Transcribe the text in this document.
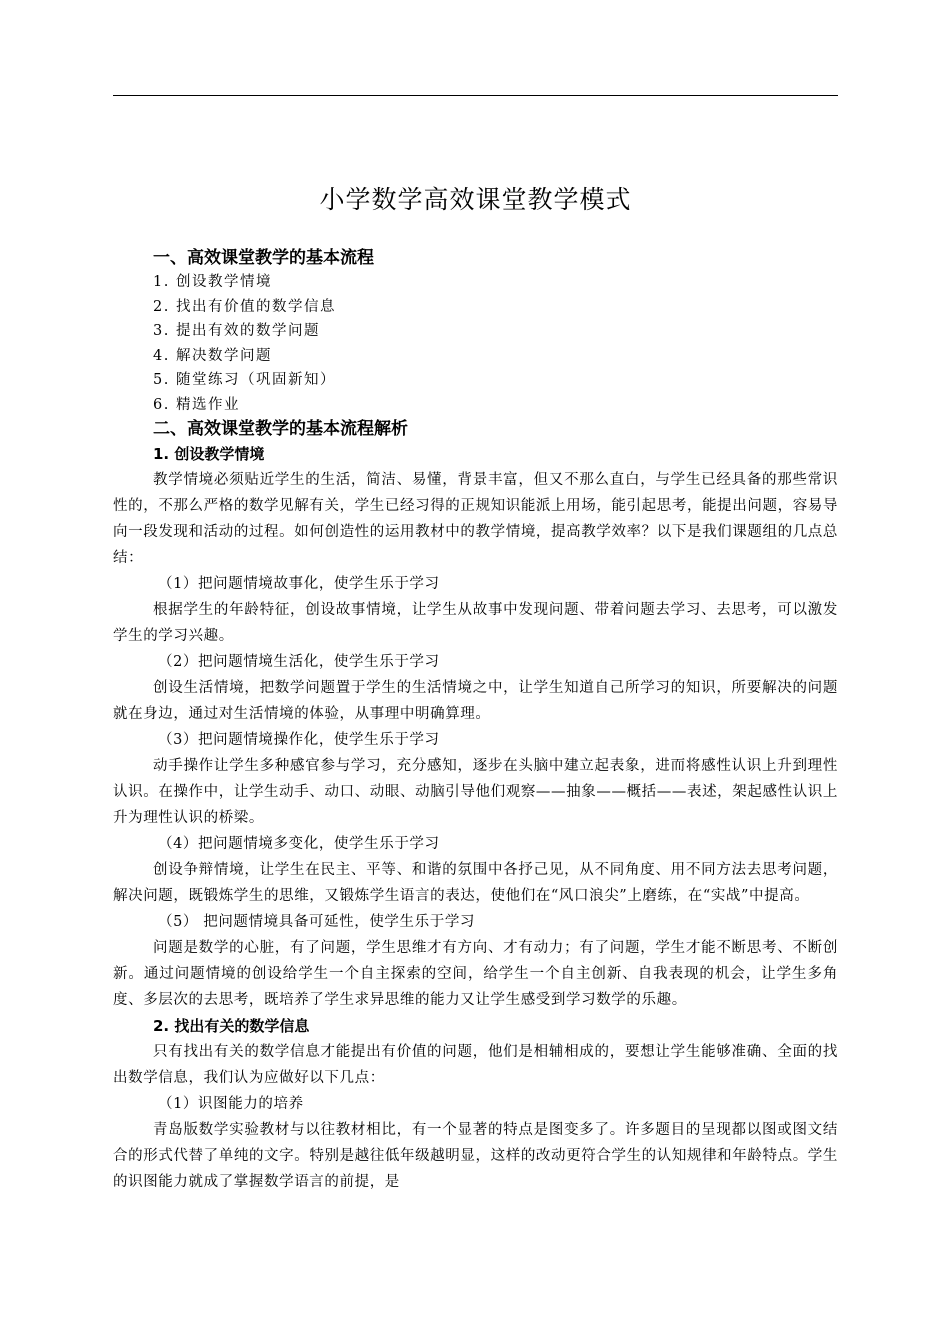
小学数学高效课堂教学模式
一、高效课堂教学的基本流程
1. 创设教学情境
2. 找出有价值的数学信息
3. 提出有效的数学问题
4. 解决数学问题
5. 随堂练习（巩固新知）
6. 精选作业
二、高效课堂教学的基本流程解析
1. 创设教学情境
教学情境必须贴近学生的生活，简洁、易懂，背景丰富，但又不那么直白，与学生已经具备的那些常识性的，不那么严格的数学见解有关，学生已经习得的正规知识能派上用场，能引起思考，能提出问题，容易导向一段发现和活动的过程。如何创造性的运用教材中的教学情境，提高教学效率？以下是我们课题组的几点总结：
（1）把问题情境故事化，使学生乐于学习
根据学生的年龄特征，创设故事情境，让学生从故事中发现问题、带着问题去学习、去思考，可以激发学生的学习兴趣。
（2）把问题情境生活化，使学生乐于学习
创设生活情境，把数学问题置于学生的生活情境之中，让学生知道自己所学习的知识，所要解决的问题就在身边，通过对生活情境的体验，从事理中明确算理。
（3）把问题情境操作化，使学生乐于学习
动手操作让学生多种感官参与学习，充分感知，逐步在头脑中建立起表象，进而将感性认识上升到理性认识。在操作中，让学生动手、动口、动眼、动脑引导他们观察——抽象——概括——表述，架起感性认识上升为理性认识的桥梁。
（4）把问题情境多变化，使学生乐于学习
创设争辩情境，让学生在民主、平等、和谐的氛围中各抒己见，从不同角度、用不同方法去思考问题，解决问题，既锻炼学生的思维，又锻炼学生语言的表达，使他们在“风口浪尖”上磨练，在“实战”中提高。
（5） 把问题情境具备可延性，使学生乐于学习
问题是数学的心脏，有了问题，学生思维才有方向、才有动力；有了问题，学生才能不断思考、不断创新。通过问题情境的创设给学生一个自主探索的空间，给学生一个自主创新、自我表现的机会，让学生多角度、多层次的去思考，既培养了学生求异思维的能力又让学生感受到学习数学的乐趣。
2. 找出有关的数学信息
只有找出有关的数学信息才能提出有价值的问题，他们是相辅相成的，要想让学生能够准确、全面的找出数学信息，我们认为应做好以下几点：
（1）识图能力的培养
青岛版数学实验教材与以往教材相比，有一个显著的特点是图变多了。许多题目的呈现都以图或图文结合的形式代替了单纯的文字。特别是越往低年级越明显，这样的改动更符合学生的认知规律和年龄特点。学生的识图能力就成了掌握数学语言的前提，是
